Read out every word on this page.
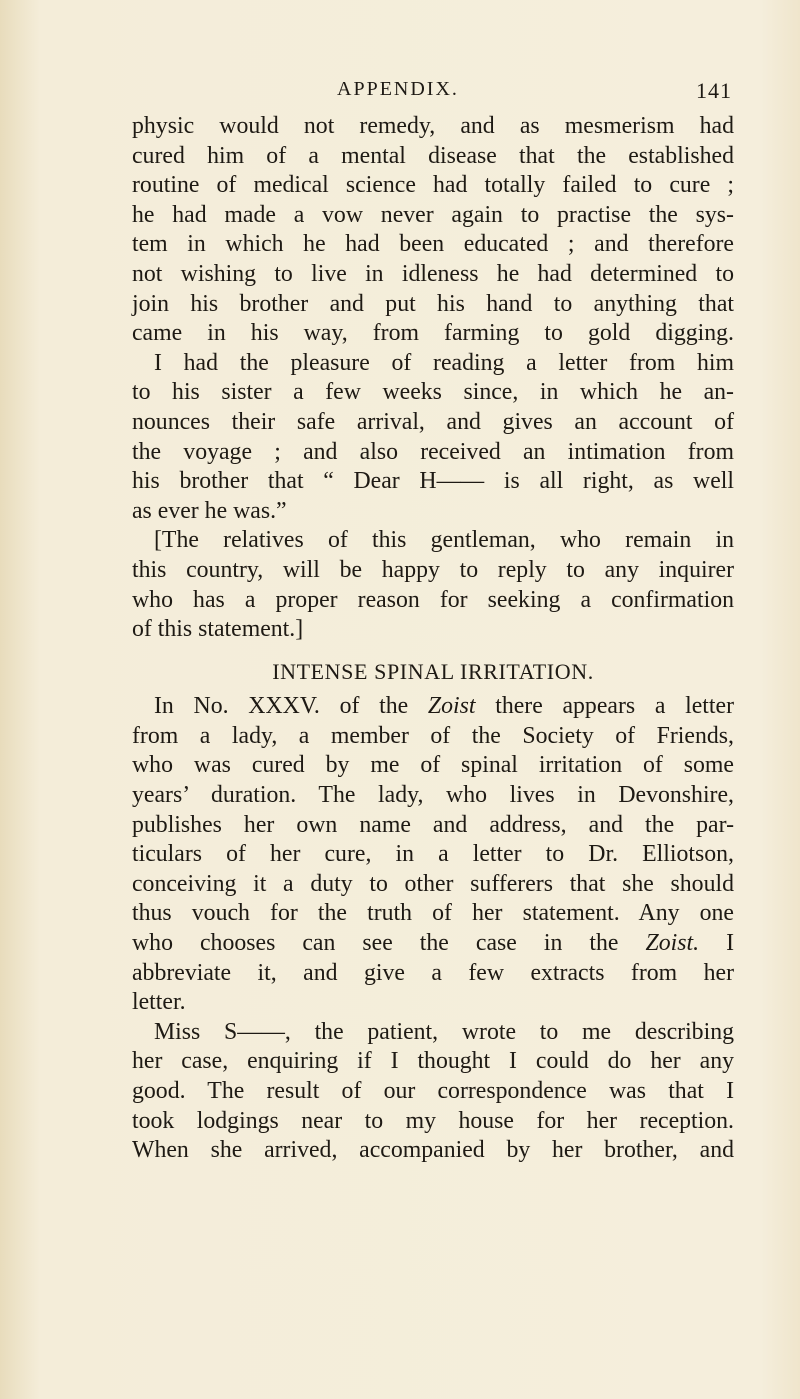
APPENDIX.	141
physic would not remedy, and as mesmerism had
cured him of a mental disease that the established
routine of medical science had totally failed to cure ;
he had made a vow never again to practise the sys-
tem in which he had been educated ; and therefore
not wishing to live in idleness he had determined to
join his brother and put his hand to anything that
came in his way, from farming to gold digging.
I had the pleasure of reading a letter from him
to his sister a few weeks since, in which he an-
nounces their safe arrival, and gives an account of
the voyage ; and also received an intimation from
his brother that “ Dear H—— is all right, as well
as ever he was.”
[The relatives of this gentleman, who remain in
this country, will be happy to reply to any inquirer
who has a proper reason for seeking a confirmation
of this statement.]
INTENSE SPINAL IRRITATION.
In No. XXXV. of the Zoist there appears a letter
from a lady, a member of the Society of Friends,
who was cured by me of spinal irritation of some
years’ duration. The lady, who lives in Devonshire,
publishes her own name and address, and the par-
ticulars of her cure, in a letter to Dr. Elliotson,
conceiving it a duty to other sufferers that she should
thus vouch for the truth of her statement. Any one
who chooses can see the case in the Zoist. I
abbreviate it, and give a few extracts from her
letter.
Miss S——, the patient, wrote to me describing
her case, enquiring if I thought I could do her any
good. The result of our correspondence was that I
took lodgings near to my house for her reception.
When she arrived, accompanied by her brother, and
